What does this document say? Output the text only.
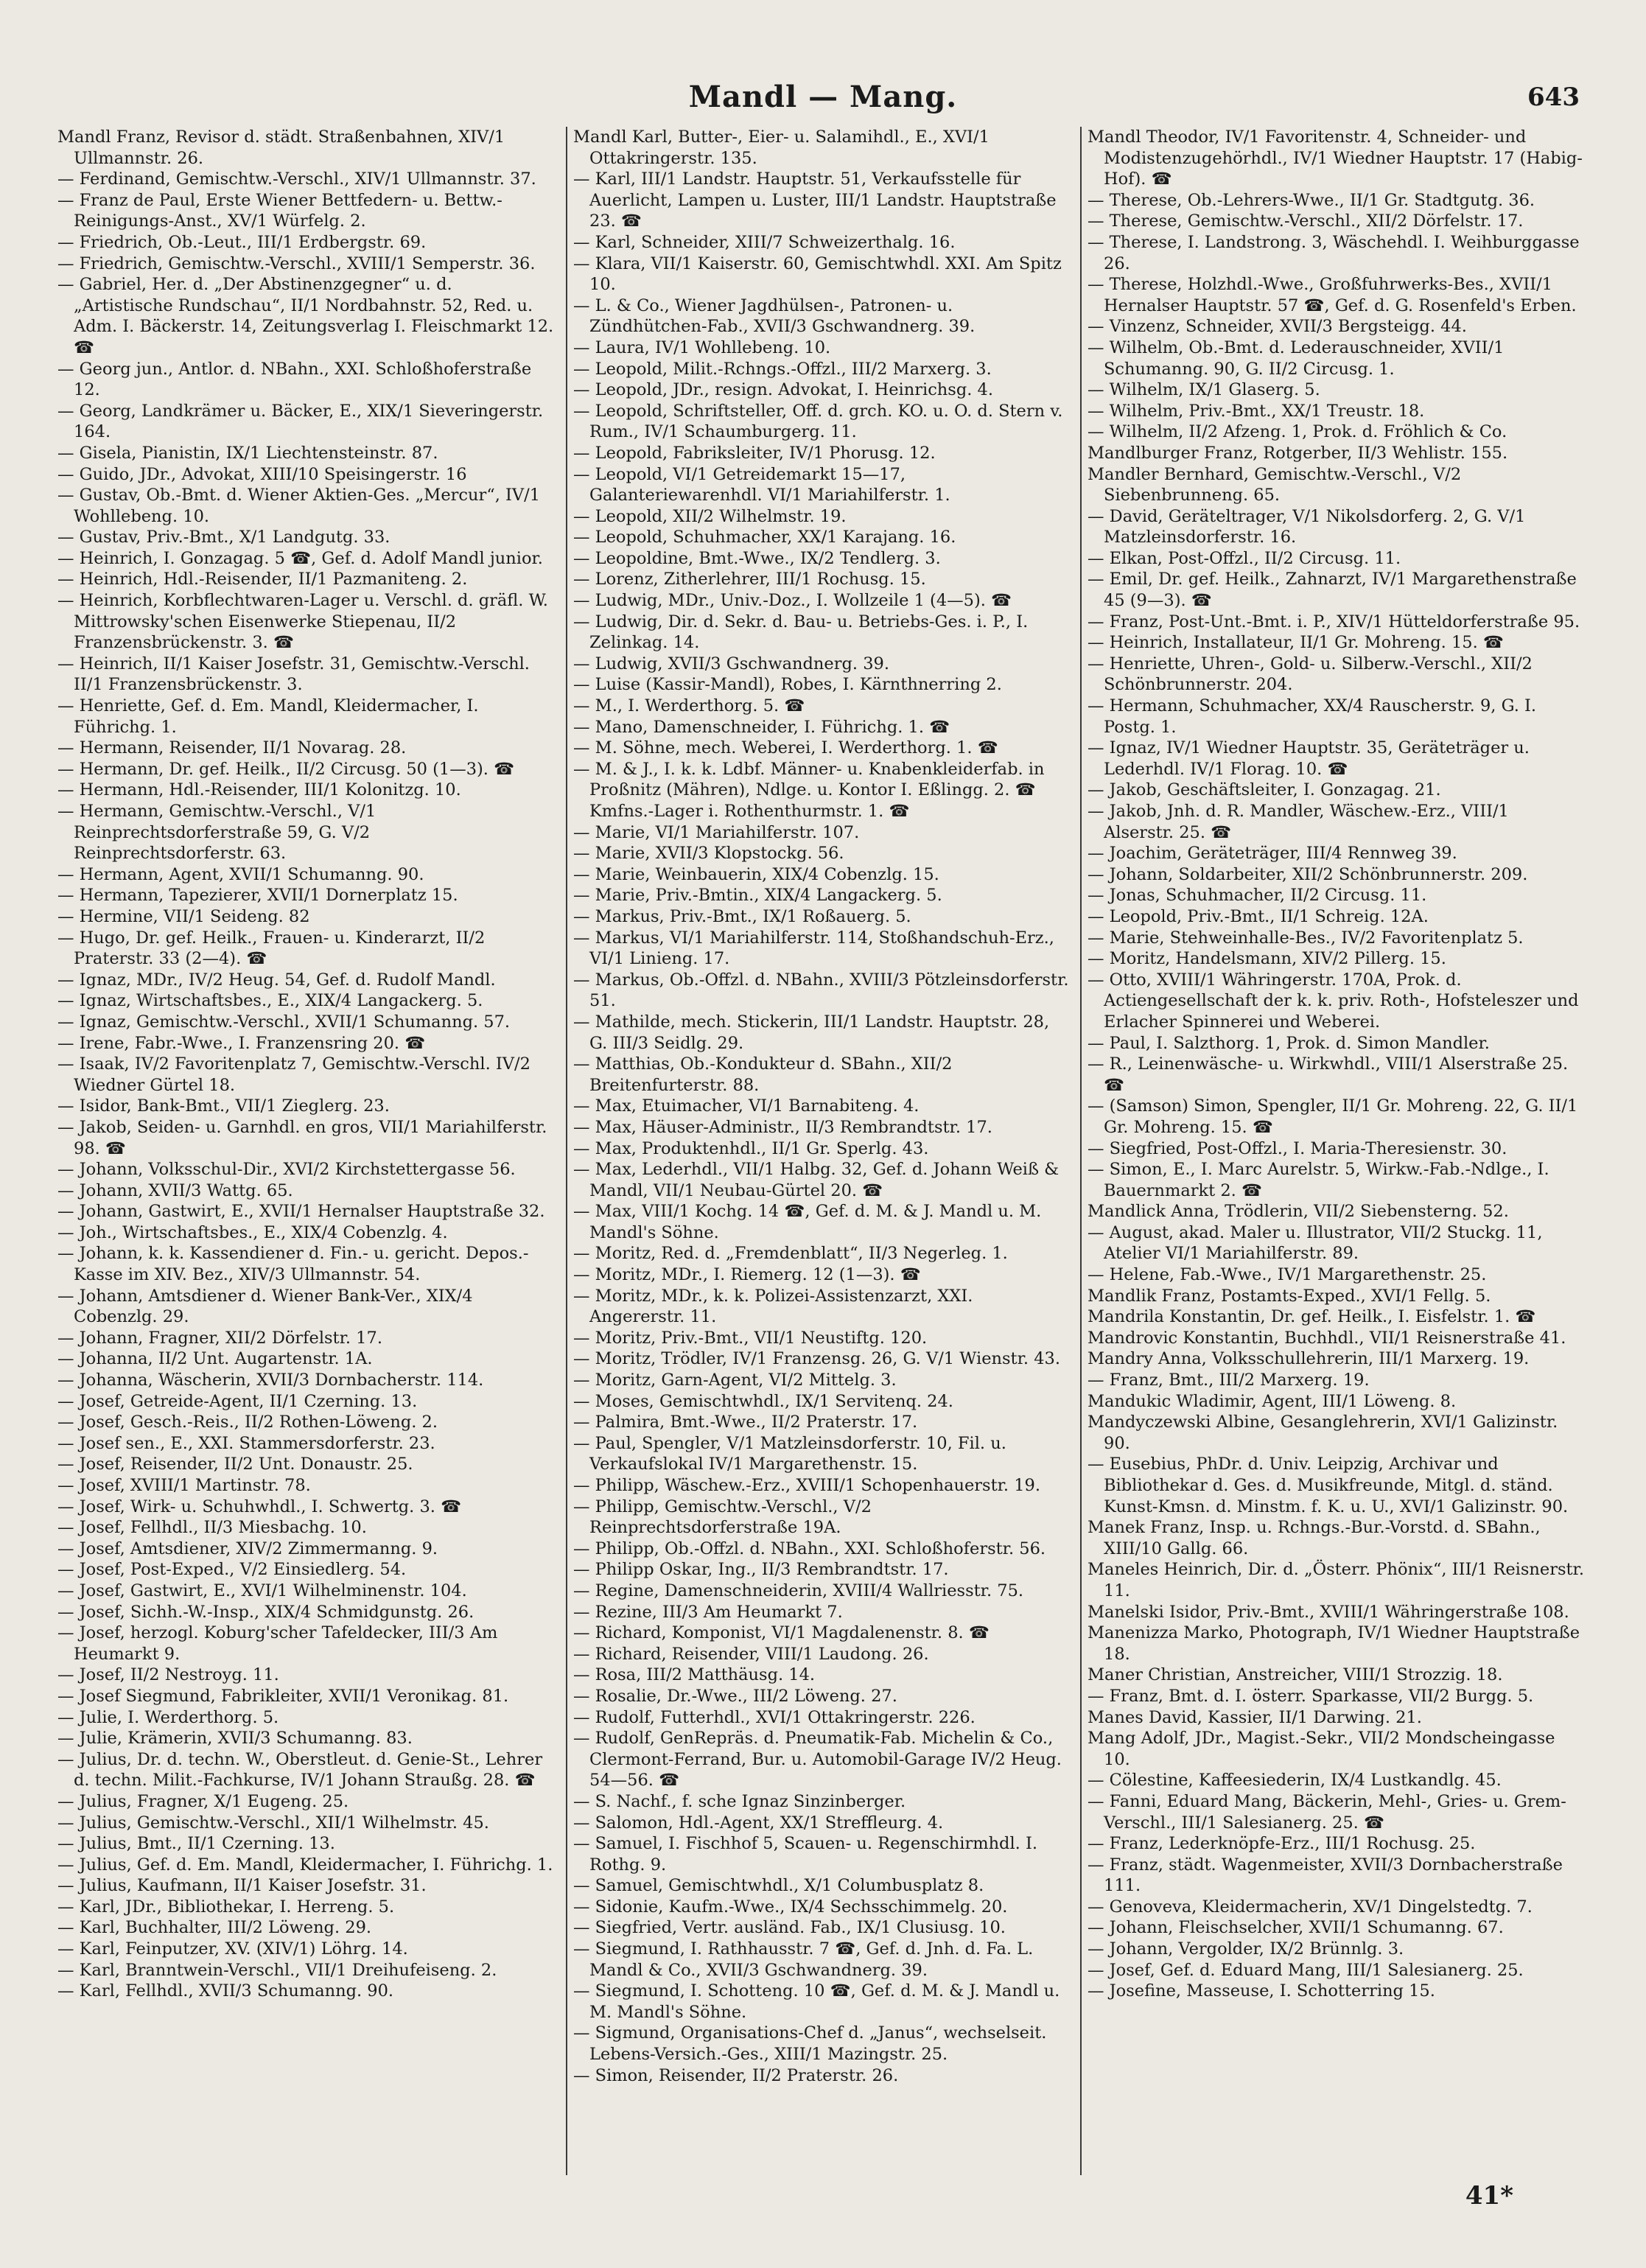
Mandl — Mang.	643

Mandl Franz, Revisor d. städt. Straßenbahnen, XIV/1 Ullmannstr. 26.

— Ferdinand, Gemischtw.-Verschl., XIV/1 Ullmannstr. 37.

— Franz de Paul, Erste Wiener Bettfedern- u. Bettw.-Reinigungs-Anst., XV/1 Würfelg. 2.

— Friedrich, Ob.-Leut., III/1 Erdbergstr. 69.

— Friedrich, Gemischtw.-Verschl., XVIII/1 Semperstr. 36.

— Gabriel, Her. d. „Der Abstinenzgegner“ u. d. „Artistische Rundschau“, II/1 Nordbahnstr. 52, Red. u. Adm. I. Bäckerstr. 14, Zeitungsverlag I. Fleischmarkt 12. ☎

— Georg jun., Antlor. d. NBahn., XXI. Schloßhoferstraße 12.

— Georg, Landkrämer u. Bäcker, E., XIX/1 Sieveringerstr. 164.

— Gisela, Pianistin, IX/1 Liechtensteinstr. 87.

— Guido, JDr., Advokat, XIII/10 Speisingerstr. 16

— Gustav, Ob.-Bmt. d. Wiener Aktien-Ges. „Mercur“, IV/1 Wohllebeng. 10.

— Gustav, Priv.-Bmt., X/1 Landgutg. 33.

— Heinrich, I. Gonzagag. 5 ☎, Gef. d. Adolf Mandl junior.

— Heinrich, Hdl.-Reisender, II/1 Pazmaniteng. 2.

— Heinrich, Korbflechtwaren-Lager u. Verschl. d. gräfl. W. Mittrowsky'schen Eisenwerke Stiepenau, II/2 Franzensbrückenstr. 3. ☎

— Heinrich, II/1 Kaiser Josefstr. 31, Gemischtw.-Verschl. II/1 Franzensbrückenstr. 3.

— Henriette, Gef. d. Em. Mandl, Kleidermacher, I. Führichg. 1.

— Hermann, Reisender, II/1 Novarag. 28.

— Hermann, Dr. gef. Heilk., II/2 Circusg. 50 (1—3). ☎

— Hermann, Hdl.-Reisender, III/1 Kolonitzg. 10.

— Hermann, Gemischtw.-Verschl., V/1 Reinprechtsdorferstraße 59, G. V/2 Reinprechtsdorferstr. 63.

— Hermann, Agent, XVII/1 Schumanng. 90.

— Hermann, Tapezierer, XVII/1 Dornerplatz 15.

— Hermine, VII/1 Seideng. 82

— Hugo, Dr. gef. Heilk., Frauen- u. Kinderarzt, II/2 Praterstr. 33 (2—4). ☎

— Ignaz, MDr., IV/2 Heug. 54, Gef. d. Rudolf Mandl.

— Ignaz, Wirtschaftsbes., E., XIX/4 Langackerg. 5.

— Ignaz, Gemischtw.-Verschl., XVII/1 Schumanng. 57.

— Irene, Fabr.-Wwe., I. Franzensring 20. ☎

— Isaak, IV/2 Favoritenplatz 7, Gemischtw.-Verschl. IV/2 Wiedner Gürtel 18.

— Isidor, Bank-Bmt., VII/1 Zieglerg. 23.

— Jakob, Seiden- u. Garnhdl. en gros, VII/1 Mariahilferstr. 98. ☎

— Johann, Volksschul-Dir., XVI/2 Kirchstettergasse 56.

— Johann, XVII/3 Wattg. 65.

— Johann, Gastwirt, E., XVII/1 Hernalser Hauptstraße 32.

— Joh., Wirtschaftsbes., E., XIX/4 Cobenzlg. 4.

— Johann, k. k. Kassendiener d. Fin.- u. gericht. Depos.-Kasse im XIV. Bez., XIV/3 Ullmannstr. 54.

— Johann, Amtsdiener d. Wiener Bank-Ver., XIX/4 Cobenzlg. 29.

— Johann, Fragner, XII/2 Dörfelstr. 17.

— Johanna, II/2 Unt. Augartenstr. 1A.

— Johanna, Wäscherin, XVII/3 Dornbacherstr. 114.

— Josef, Getreide-Agent, II/1 Czerning. 13.

— Josef, Gesch.-Reis., II/2 Rothen-Löweng. 2.

— Josef sen., E., XXI. Stammersdorferstr. 23.

— Josef, Reisender, II/2 Unt. Donaustr. 25.

— Josef, XVIII/1 Martinstr. 78.

— Josef, Wirk- u. Schuhwhdl., I. Schwertg. 3. ☎

— Josef, Fellhdl., II/3 Miesbachg. 10.

— Josef, Amtsdiener, XIV/2 Zimmermanng. 9.

— Josef, Post-Exped., V/2 Einsiedlerg. 54.

— Josef, Gastwirt, E., XVI/1 Wilhelminenstr. 104.

— Josef, Sichh.-W.-Insp., XIX/4 Schmidgunstg. 26.

— Josef, herzogl. Koburg'scher Tafeldecker, III/3 Am Heumarkt 9.

— Josef, II/2 Nestroyg. 11.

— Josef Siegmund, Fabrikleiter, XVII/1 Veronikag. 81.

— Julie, I. Werderthorg. 5.

— Julie, Krämerin, XVII/3 Schumanng. 83.

— Julius, Dr. d. techn. W., Oberstleut. d. Genie-St., Lehrer d. techn. Milit.-Fachkurse, IV/1 Johann Straußg. 28. ☎

— Julius, Fragner, X/1 Eugeng. 25.

— Julius, Gemischtw.-Verschl., XII/1 Wilhelmstr. 45.

— Julius, Bmt., II/1 Czerning. 13.

— Julius, Gef. d. Em. Mandl, Kleidermacher, I. Führichg. 1.

— Julius, Kaufmann, II/1 Kaiser Josefstr. 31.

— Karl, JDr., Bibliothekar, I. Herreng. 5.

— Karl, Buchhalter, III/2 Löweng. 29.

— Karl, Feinputzer, XV. (XIV/1) Löhrg. 14.

— Karl, Branntwein-Verschl., VII/1 Dreihufeiseng. 2.

— Karl, Fellhdl., XVII/3 Schumanng. 90.

Mandl Karl, Butter-, Eier- u. Salamihdl., E., XVI/1 Ottakringerstr. 135.

— Karl, III/1 Landstr. Hauptstr. 51, Verkaufsstelle für Auerlicht, Lampen u. Luster, III/1 Landstr. Hauptstraße 23. ☎

— Karl, Schneider, XIII/7 Schweizerthalg. 16.

— Klara, VII/1 Kaiserstr. 60, Gemischtwhdl. XXI. Am Spitz 10.

— L. & Co., Wiener Jagdhülsen-, Patronen- u. Zündhütchen-Fab., XVII/3 Gschwandnerg. 39.

— Laura, IV/1 Wohllebeng. 10.

— Leopold, Milit.-Rchngs.-Offzl., III/2 Marxerg. 3.

— Leopold, JDr., resign. Advokat, I. Heinrichsg. 4.

— Leopold, Schriftsteller, Off. d. grch. KO. u. O. d. Stern v. Rum., IV/1 Schaumburgerg. 11.

— Leopold, Fabriksleiter, IV/1 Phorusg. 12.

— Leopold, VI/1 Getreidemarkt 15—17, Galanteriewarenhdl. VI/1 Mariahilferstr. 1.

— Leopold, XII/2 Wilhelmstr. 19.

— Leopold, Schuhmacher, XX/1 Karajang. 16.

— Leopoldine, Bmt.-Wwe., IX/2 Tendlerg. 3.

— Lorenz, Zitherlehrer, III/1 Rochusg. 15.

— Ludwig, MDr., Univ.-Doz., I. Wollzeile 1 (4—5). ☎

— Ludwig, Dir. d. Sekr. d. Bau- u. Betriebs-Ges. i. P., I. Zelinkag. 14.

— Ludwig, XVII/3 Gschwandnerg. 39.

— Luise (Kassir-Mandl), Robes, I. Kärnthnerring 2.

— M., I. Werderthorg. 5. ☎

— Mano, Damenschneider, I. Führichg. 1. ☎

— M. Söhne, mech. Weberei, I. Werderthorg. 1. ☎

— M. & J., I. k. k. Ldbf. Männer- u. Knabenkleiderfab. in Proßnitz (Mähren), Ndlge. u. Kontor I. Eßlingg. 2. ☎ Kmfns.-Lager i. Rothenthurmstr. 1. ☎

— Marie, VI/1 Mariahilferstr. 107.

— Marie, XVII/3 Klopstockg. 56.

— Marie, Weinbauerin, XIX/4 Cobenzlg. 15.

— Marie, Priv.-Bmtin., XIX/4 Langackerg. 5.

— Markus, Priv.-Bmt., IX/1 Roßauerg. 5.

— Markus, VI/1 Mariahilferstr. 114, Stoßhandschuh-Erz., VI/1 Linieng. 17.

— Markus, Ob.-Offzl. d. NBahn., XVIII/3 Pötzleinsdorferstr. 51.

— Mathilde, mech. Stickerin, III/1 Landstr. Hauptstr. 28, G. III/3 Seidlg. 29.

— Matthias, Ob.-Kondukteur d. SBahn., XII/2 Breitenfurterstr. 88.

— Max, Etuimacher, VI/1 Barnabiteng. 4.

— Max, Häuser-Administr., II/3 Rembrandtstr. 17.

— Max, Produktenhdl., II/1 Gr. Sperlg. 43.

— Max, Lederhdl., VII/1 Halbg. 32, Gef. d. Johann Weiß & Mandl, VII/1 Neubau-Gürtel 20. ☎

— Max, VIII/1 Kochg. 14 ☎, Gef. d. M. & J. Mandl u. M. Mandl's Söhne.

— Moritz, Red. d. „Fremdenblatt“, II/3 Negerleg. 1.

— Moritz, MDr., I. Riemerg. 12 (1—3). ☎

— Moritz, MDr., k. k. Polizei-Assistenzarzt, XXI. Angererstr. 11.

— Moritz, Priv.-Bmt., VII/1 Neustiftg. 120.

— Moritz, Trödler, IV/1 Franzensg. 26, G. V/1 Wienstr. 43.

— Moritz, Garn-Agent, VI/2 Mittelg. 3.

— Moses, Gemischtwhdl., IX/1 Servitenq. 24.

— Palmira, Bmt.-Wwe., II/2 Praterstr. 17.

— Paul, Spengler, V/1 Matzleinsdorferstr. 10, Fil. u. Verkaufslokal IV/1 Margarethenstr. 15.

— Philipp, Wäschew.-Erz., XVIII/1 Schopenhauerstr. 19.

— Philipp, Gemischtw.-Verschl., V/2 Reinprechtsdorferstraße 19A.

— Philipp, Ob.-Offzl. d. NBahn., XXI. Schloßhoferstr. 56.

— Philipp Oskar, Ing., II/3 Rembrandtstr. 17.

— Regine, Damenschneiderin, XVIII/4 Wallriesstr. 75.

— Rezine, III/3 Am Heumarkt 7.

— Richard, Komponist, VI/1 Magdalenenstr. 8. ☎

— Richard, Reisender, VIII/1 Laudong. 26.

— Rosa, III/2 Matthäusg. 14.

— Rosalie, Dr.-Wwe., III/2 Löweng. 27.

— Rudolf, Futterhdl., XVI/1 Ottakringerstr. 226.

— Rudolf, GenRepräs. d. Pneumatik-Fab. Michelin & Co., Clermont-Ferrand, Bur. u. Automobil-Garage IV/2 Heug. 54—56. ☎

— S. Nachf., f. sche Ignaz Sinzinberger.

— Salomon, Hdl.-Agent, XX/1 Streffleurg. 4.

— Samuel, I. Fischhof 5, Scauen- u. Regenschirmhdl. I. Rothg. 9.

— Samuel, Gemischtwhdl., X/1 Columbusplatz 8.

— Sidonie, Kaufm.-Wwe., IX/4 Sechsschimmelg. 20.

— Siegfried, Vertr. ausländ. Fab., IX/1 Clusiusg. 10.

— Siegmund, I. Rathhausstr. 7 ☎, Gef. d. Jnh. d. Fa. L. Mandl & Co., XVII/3 Gschwandnerg. 39.

— Siegmund, I. Schotteng. 10 ☎, Gef. d. M. & J. Mandl u. M. Mandl's Söhne.

— Sigmund, Organisations-Chef d. „Janus“, wechselseit. Lebens-Versich.-Ges., XIII/1 Mazingstr. 25.

— Simon, Reisender, II/2 Praterstr. 26.

Mandl Theodor, IV/1 Favoritenstr. 4, Schneider- und Modistenzugehörhdl., IV/1 Wiedner Hauptstr. 17 (Habig-Hof). ☎

— Therese, Ob.-Lehrers-Wwe., II/1 Gr. Stadtgutg. 36.

— Therese, Gemischtw.-Verschl., XII/2 Dörfelstr. 17.

— Therese, I. Landstrong. 3, Wäschehdl. I. Weihburggasse 26.

— Therese, Holzhdl.-Wwe., Großfuhrwerks-Bes., XVII/1 Hernalser Hauptstr. 57 ☎, Gef. d. G. Rosenfeld's Erben.

— Vinzenz, Schneider, XVII/3 Bergsteigg. 44.

— Wilhelm, Ob.-Bmt. d. Lederauschneider, XVII/1 Schumanng. 90, G. II/2 Circusg. 1.

— Wilhelm, IX/1 Glaserg. 5.

— Wilhelm, Priv.-Bmt., XX/1 Treustr. 18.

— Wilhelm, II/2 Afzeng. 1, Prok. d. Fröhlich & Co.

Mandlburger Franz, Rotgerber, II/3 Wehlistr. 155.

Mandler Bernhard, Gemischtw.-Verschl., V/2 Siebenbrunneng. 65.

— David, Geräteltrager, V/1 Nikolsdorferg. 2, G. V/1 Matzleinsdorferstr. 16.

— Elkan, Post-Offzl., II/2 Circusg. 11.

— Emil, Dr. gef. Heilk., Zahnarzt, IV/1 Margarethenstraße 45 (9—3). ☎

— Franz, Post-Unt.-Bmt. i. P., XIV/1 Hütteldorferstraße 95.

— Heinrich, Installateur, II/1 Gr. Mohreng. 15. ☎

— Henriette, Uhren-, Gold- u. Silberw.-Verschl., XII/2 Schönbrunnerstr. 204.

— Hermann, Schuhmacher, XX/4 Rauscherstr. 9, G. I. Postg. 1.

— Ignaz, IV/1 Wiedner Hauptstr. 35, Geräteträger u. Lederhdl. IV/1 Florag. 10. ☎

— Jakob, Geschäftsleiter, I. Gonzagag. 21.

— Jakob, Jnh. d. R. Mandler, Wäschew.-Erz., VIII/1 Alserstr. 25. ☎

— Joachim, Geräteträger, III/4 Rennweg 39.

— Johann, Soldarbeiter, XII/2 Schönbrunnerstr. 209.

— Jonas, Schuhmacher, II/2 Circusg. 11.

— Leopold, Priv.-Bmt., II/1 Schreig. 12A.

— Marie, Stehweinhalle-Bes., IV/2 Favoritenplatz 5.

— Moritz, Handelsmann, XIV/2 Pillerg. 15.

— Otto, XVIII/1 Währingerstr. 170A, Prok. d. Actiengesellschaft der k. k. priv. Roth-, Hofsteleszer und Erlacher Spinnerei und Weberei.

— Paul, I. Salzthorg. 1, Prok. d. Simon Mandler.

— R., Leinenwäsche- u. Wirkwhdl., VIII/1 Alserstraße 25. ☎

— (Samson) Simon, Spengler, II/1 Gr. Mohreng. 22, G. II/1 Gr. Mohreng. 15. ☎

— Siegfried, Post-Offzl., I. Maria-Theresienstr. 30.

— Simon, E., I. Marc Aurelstr. 5, Wirkw.-Fab.-Ndlge., I. Bauernmarkt 2. ☎

Mandlick Anna, Trödlerin, VII/2 Siebensterng. 52.

— August, akad. Maler u. Illustrator, VII/2 Stuckg. 11, Atelier VI/1 Mariahilferstr. 89.

— Helene, Fab.-Wwe., IV/1 Margarethenstr. 25.

Mandlik Franz, Postamts-Exped., XVI/1 Fellg. 5.

Mandrila Konstantin, Dr. gef. Heilk., I. Eisfelstr. 1. ☎

Mandrovic Konstantin, Buchhdl., VII/1 Reisnerstraße 41.

Mandry Anna, Volksschullehrerin, III/1 Marxerg. 19.

— Franz, Bmt., III/2 Marxerg. 19.

Mandukic Wladimir, Agent, III/1 Löweng. 8.

Mandyczewski Albine, Gesanglehrerin, XVI/1 Galizinstr. 90.

— Eusebius, PhDr. d. Univ. Leipzig, Archivar und Bibliothekar d. Ges. d. Musikfreunde, Mitgl. d. ständ. Kunst-Kmsn. d. Minstm. f. K. u. U., XVI/1 Galizinstr. 90.

Manek Franz, Insp. u. Rchngs.-Bur.-Vorstd. d. SBahn., XIII/10 Gallg. 66.

Maneles Heinrich, Dir. d. „Österr. Phönix“, III/1 Reisnerstr. 11.

Manelski Isidor, Priv.-Bmt., XVIII/1 Währingerstraße 108.

Manenizza Marko, Photograph, IV/1 Wiedner Hauptstraße 18.

Maner Christian, Anstreicher, VIII/1 Strozzig. 18.

— Franz, Bmt. d. I. österr. Sparkasse, VII/2 Burgg. 5.

Manes David, Kassier, II/1 Darwing. 21.

Mang Adolf, JDr., Magist.-Sekr., VII/2 Mondscheingasse 10.

— Cölestine, Kaffeesiederin, IX/4 Lustkandlg. 45.

— Fanni, Eduard Mang, Bäckerin, Mehl-, Gries- u. Grem-Verschl., III/1 Salesianerg. 25. ☎

— Franz, Lederknöpfe-Erz., III/1 Rochusg. 25.

— Franz, städt. Wagenmeister, XVII/3 Dornbacherstraße 111.

— Genoveva, Kleidermacherin, XV/1 Dingelstedtg. 7.

— Johann, Fleischselcher, XVII/1 Schumanng. 67.

— Johann, Vergolder, IX/2 Brünnlg. 3.

— Josef, Gef. d. Eduard Mang, III/1 Salesianerg. 25.

— Josefine, Masseuse, I. Schotterring 15.

41*
